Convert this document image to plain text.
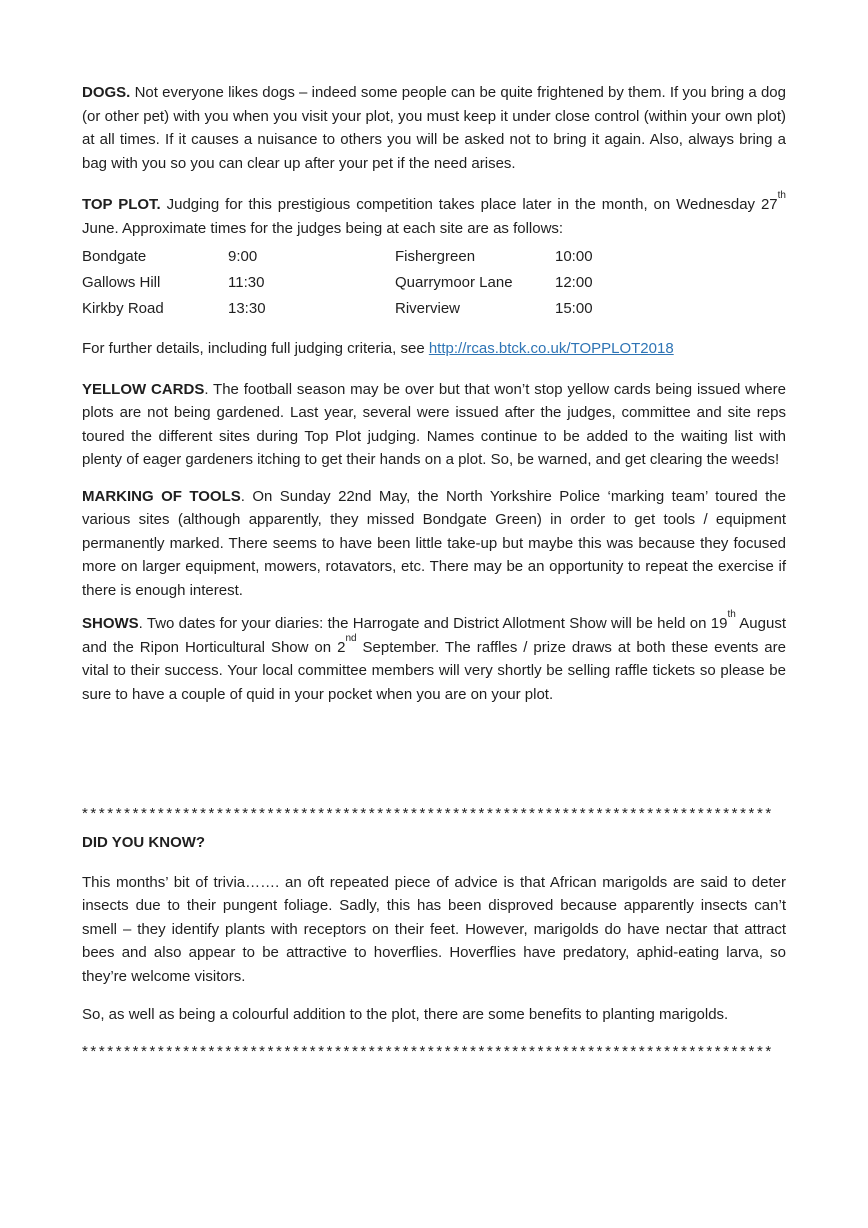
DOGS. Not everyone likes dogs – indeed some people can be quite frightened by them. If you bring a dog (or other pet) with you when you visit your plot, you must keep it under close control (within your own plot) at all times. If it causes a nuisance to others you will be asked not to bring it again. Also, always bring a bag with you so you can clear up after your pet if the need arises.

TOP PLOT. Judging for this prestigious competition takes place later in the month, on Wednesday 27th June. Approximate times for the judges being at each site are as follows:

Bondgate	9:00	Fishergreen	10:00
Gallows Hill	11:30	Quarrymoor Lane	12:00
Kirkby Road	13:30	Riverview	15:00

For further details, including full judging criteria, see http://rcas.btck.co.uk/TOPPLOT2018

YELLOW CARDS. The football season may be over but that won’t stop yellow cards being issued where plots are not being gardened. Last year, several were issued after the judges, committee and site reps toured the different sites during Top Plot judging. Names continue to be added to the waiting list with plenty of eager gardeners itching to get their hands on a plot. So, be warned, and get clearing the weeds!

MARKING OF TOOLS. On Sunday 22nd May, the North Yorkshire Police ‘marking team’ toured the various sites (although apparently, they missed Bondgate Green) in order to get tools / equipment permanently marked. There seems to have been little take-up but maybe this was because they focused more on larger equipment, mowers, rotavators, etc. There may be an opportunity to repeat the exercise if there is enough interest.

SHOWS. Two dates for your diaries: the Harrogate and District Allotment Show will be held on 19th August and the Ripon Horticultural Show on 2nd September. The raffles / prize draws at both these events are vital to their success. Your local committee members will very shortly be selling raffle tickets so please be sure to have a couple of quid in your pocket when you are on your plot.

**********************************************************************************

DID YOU KNOW?

This months’ bit of trivia……. an oft repeated piece of advice is that African marigolds are said to deter insects due to their pungent foliage. Sadly, this has been disproved because apparently insects can’t smell – they identify plants with receptors on their feet. However, marigolds do have nectar that attract bees and also appear to be attractive to hoverflies. Hoverflies have predatory, aphid-eating larva, so they’re welcome visitors.

So, as well as being a colourful addition to the plot, there are some benefits to planting marigolds.

**********************************************************************************
